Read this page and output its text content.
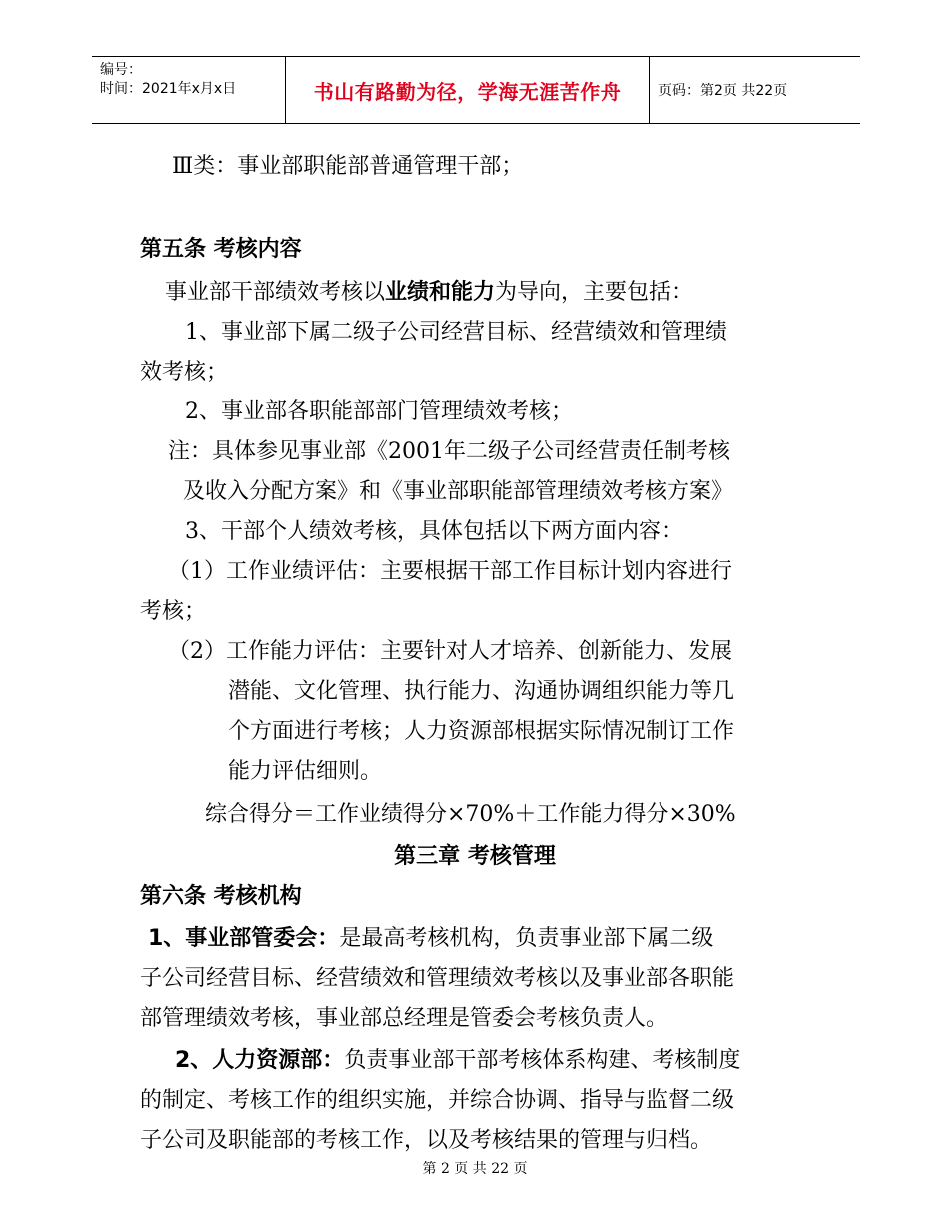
编号：
时间：2021年x月x日	书山有路勤为径，学海无涯苦作舟	页码：第2页 共22页
Ⅲ类：事业部职能部普通管理干部；
第五条 考核内容
事业部干部绩效考核以业绩和能力为导向，主要包括：
1、事业部下属二级子公司经营目标、经营绩效和管理绩
效考核；
2、事业部各职能部部门管理绩效考核；
注：具体参见事业部《2001年二级子公司经营责任制考核
及收入分配方案》和《事业部职能部管理绩效考核方案》
3、干部个人绩效考核，具体包括以下两方面内容：
（1）工作业绩评估：主要根据干部工作目标计划内容进行
考核；
（2）工作能力评估：主要针对人才培养、创新能力、发展
潜能、文化管理、执行能力、沟通协调组织能力等几
个方面进行考核；人力资源部根据实际情况制订工作
能力评估细则。
综合得分＝工作业绩得分×70%＋工作能力得分×30%
第三章 考核管理
第六条 考核机构
1、事业部管委会：是最高考核机构，负责事业部下属二级
子公司经营目标、经营绩效和管理绩效考核以及事业部各职能
部管理绩效考核，事业部总经理是管委会考核负责人。
2、人力资源部：负责事业部干部考核体系构建、考核制度
的制定、考核工作的组织实施，并综合协调、指导与监督二级
子公司及职能部的考核工作，以及考核结果的管理与归档。
第 2 页 共 22 页
